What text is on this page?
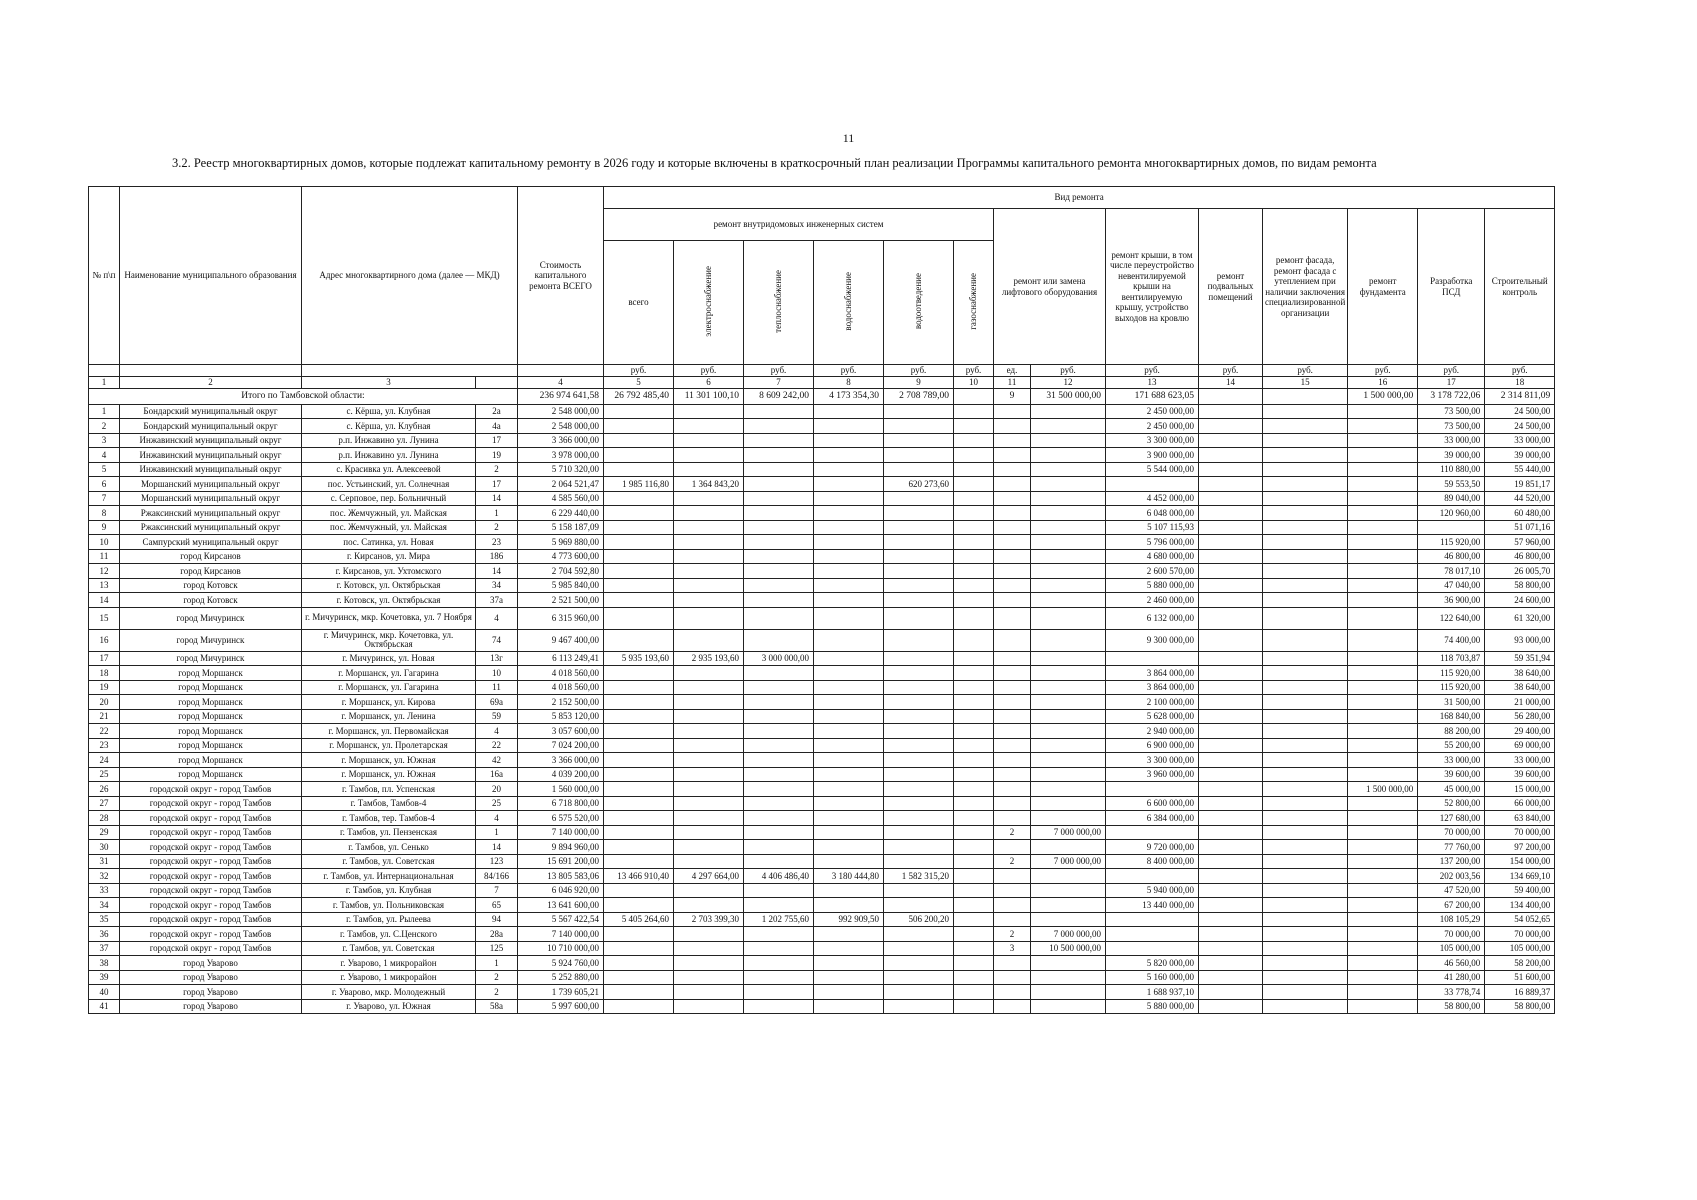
11
3.2. Реестр многоквартирных домов, которые подлежат капитальному ремонту в 2026 году и которые включены в краткосрочный план реализации Программы капитального ремонта многоквартирных домов, по видам ремонта
№ п\п	Наименование муниципального образования	Адрес многоквартирного дома (далее — МКД)		Стоимость капитального ремонта ВСЕГО	Вид ремонта													
					ремонт внутридомовых инженерных систем						ремонт или замена лифтового оборудования		ремонт крыши, в том числе переустройство невентилируемой крыши на вентилируемую крышу, устройство выходов на кровлю	ремонт подвальных помещений	ремонт фасада, ремонт фасада с утеплением при наличии заключения специализированной организации	ремонт фундамента	Разработка ПСД	Строительный контроль
					всего	электроснабжение	теплоснабжение	водоснабжение	водоотведение	газоснабжение								
					руб.	руб.	руб.	руб.	руб.	руб.	ед.	руб.	руб.	руб.	руб.	руб.	руб.	руб.
1	2	3		4	5	6	7	8	9	10	11	12	13	14	15	16	17	18
Итого по Тамбовской области:				236 974 641,58	26 792 485,40	11 301 100,10	8 609 242,00	4 173 354,30	2 708 789,00		9	31 500 000,00	171 688 623,05			1 500 000,00	3 178 722,06	2 314 811,09
1	Бондарский муниципальный округ	с. Кёрша, ул. Клубная	2а	2 548 000,00									2 450 000,00				73 500,00	24 500,00
2	Бондарский муниципальный округ	с. Кёрша, ул. Клубная	4а	2 548 000,00									2 450 000,00				73 500,00	24 500,00
3	Инжавинский муниципальный округ	р.п. Инжавино ул. Лунина	17	3 366 000,00									3 300 000,00				33 000,00	33 000,00
4	Инжавинский муниципальный округ	р.п. Инжавино ул. Лунина	19	3 978 000,00									3 900 000,00				39 000,00	39 000,00
5	Инжавинский муниципальный округ	с. Красивка ул. Алексеевой	2	5 710 320,00									5 544 000,00				110 880,00	55 440,00
6	Моршанский муниципальный округ	пос. Устьинский, ул. Солнечная	17	2 064 521,47	1 985 116,80	1 364 843,20			620 273,60								59 553,50	19 851,17
7	Моршанский муниципальный округ	с. Серповое, пер. Больничный	14	4 585 560,00									4 452 000,00				89 040,00	44 520,00
8	Ржаксинский муниципальный округ	пос. Жемчужный, ул. Майская	1	6 229 440,00									6 048 000,00				120 960,00	60 480,00
9	Ржаксинский муниципальный округ	пос. Жемчужный, ул. Майская	2	5 158 187,09									5 107 115,93					51 071,16
10	Сампурский муниципальный округ	пос. Сатинка, ул. Новая	23	5 969 880,00									5 796 000,00				115 920,00	57 960,00
11	город Кирсанов	г. Кирсанов, ул. Мира	186	4 773 600,00									4 680 000,00				46 800,00	46 800,00
12	город Кирсанов	г. Кирсанов, ул. Ухтомского	14	2 704 592,80									2 600 570,00				78 017,10	26 005,70
13	город Котовск	г. Котовск, ул. Октябрьская	34	5 985 840,00									5 880 000,00				47 040,00	58 800,00
14	город Котовск	г. Котовск, ул. Октябрьская	37а	2 521 500,00									2 460 000,00				36 900,00	24 600,00
15	город Мичуринск	г. Мичуринск, мкр. Кочетовка, ул. 7 Ноября	4	6 315 960,00									6 132 000,00				122 640,00	61 320,00
16	город Мичуринск	г. Мичуринск, мкр. Кочетовка, ул. Октябрьская	74	9 467 400,00									9 300 000,00				74 400,00	93 000,00
17	город Мичуринск	г. Мичуринск, ул. Новая	13г	6 113 249,41	5 935 193,60	2 935 193,60	3 000 000,00										118 703,87	59 351,94
18	город Моршанск	г. Моршанск, ул. Гагарина	10	4 018 560,00									3 864 000,00				115 920,00	38 640,00
19	город Моршанск	г. Моршанск, ул. Гагарина	11	4 018 560,00									3 864 000,00				115 920,00	38 640,00
20	город Моршанск	г. Моршанск, ул. Кирова	69а	2 152 500,00									2 100 000,00				31 500,00	21 000,00
21	город Моршанск	г. Моршанск, ул. Ленина	59	5 853 120,00									5 628 000,00				168 840,00	56 280,00
22	город Моршанск	г. Моршанск, ул. Первомайская	4	3 057 600,00									2 940 000,00				88 200,00	29 400,00
23	город Моршанск	г. Моршанск, ул. Пролетарская	22	7 024 200,00									6 900 000,00				55 200,00	69 000,00
24	город Моршанск	г. Моршанск, ул. Южная	42	3 366 000,00									3 300 000,00				33 000,00	33 000,00
25	город Моршанск	г. Моршанск, ул. Южная	16а	4 039 200,00									3 960 000,00				39 600,00	39 600,00
26	городской округ - город Тамбов	г. Тамбов, пл. Успенская	20	1 560 000,00												1 500 000,00	45 000,00	15 000,00
27	городской округ - город Тамбов	г. Тамбов, Тамбов-4	25	6 718 800,00									6 600 000,00				52 800,00	66 000,00
28	городской округ - город Тамбов	г. Тамбов, тер. Тамбов-4	4	6 575 520,00									6 384 000,00				127 680,00	63 840,00
29	городской округ - город Тамбов	г. Тамбов, ул. Пензенская	1	7 140 000,00							2	7 000 000,00					70 000,00	70 000,00
30	городской округ - город Тамбов	г. Тамбов, ул. Сенько	14	9 894 960,00									9 720 000,00				77 760,00	97 200,00
31	городской округ - город Тамбов	г. Тамбов, ул. Советская	123	15 691 200,00							2	7 000 000,00	8 400 000,00				137 200,00	154 000,00
32	городской округ - город Тамбов	г. Тамбов, ул. Интернациональная	84/166	13 805 583,06	13 466 910,40	4 297 664,00	4 406 486,40	3 180 444,80	1 582 315,20								202 003,56	134 669,10
33	городской округ - город Тамбов	г. Тамбов, ул. Клубная	7	6 046 920,00									5 940 000,00				47 520,00	59 400,00
34	городской округ - город Тамбов	г. Тамбов, ул. Польниковская	65	13 641 600,00									13 440 000,00				67 200,00	134 400,00
35	городской округ - город Тамбов	г. Тамбов, ул. Рылеева	94	5 567 422,54	5 405 264,60	2 703 399,30	1 202 755,60	992 909,50	506 200,20								108 105,29	54 052,65
36	городской округ - город Тамбов	г. Тамбов, ул. С.Ценского	28а	7 140 000,00							2	7 000 000,00					70 000,00	70 000,00
37	городской округ - город Тамбов	г. Тамбов, ул. Советская	125	10 710 000,00							3	10 500 000,00					105 000,00	105 000,00
38	город Уварово	г. Уварово, 1 микрорайон	1	5 924 760,00									5 820 000,00				46 560,00	58 200,00
39	город Уварово	г. Уварово, 1 микрорайон	2	5 252 880,00									5 160 000,00				41 280,00	51 600,00
40	город Уварово	г. Уварово, мкр. Молодежный	2	1 739 605,21									1 688 937,10				33 778,74	16 889,37
41	город Уварово	г. Уварово, ул. Южная	58а	5 997 600,00									5 880 000,00				58 800,00	58 800,00
